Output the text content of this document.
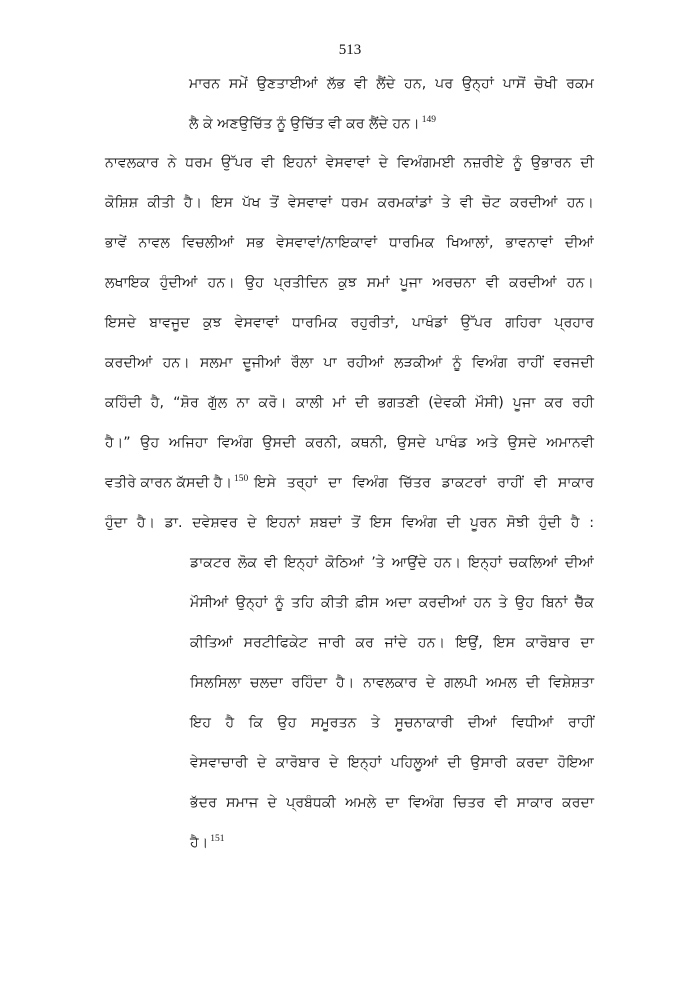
513
ਮਾਰਨ ਸਮੇਂ ਉਣਤਾਈਆਂ ਲੱਭ ਵੀ ਲੈਂਦੇ ਹਨ, ਪਰ ਉਨ੍ਹਾਂ ਪਾਸੋਂ ਚੋਖੀ ਰਕਮ
ਲੈ ਕੇ ਅਣਉਚਿੱਤ ਨੂੰ ਉਚਿੱਤ ਵੀ ਕਰ ਲੈਂਦੇ ਹਨ। $^{149}$
ਨਾਵਲਕਾਰ ਨੇ ਧਰਮ ਉੱਪਰ ਵੀ ਇਹਨਾਂ ਵੇਸਵਾਵਾਂ ਦੇ ਵਿਅੰਗਮਈ ਨਜ਼ਰੀਏ ਨੂੰ ਉਭਾਰਨ ਦੀ
ਕੋਸ਼ਿਸ਼ ਕੀਤੀ ਹੈ। ਇਸ ਪੱਖ ਤੋਂ ਵੇਸਵਾਵਾਂ ਧਰਮ ਕਰਮਕਾਂਡਾਂ ਤੇ ਵੀ ਚੋਟ ਕਰਦੀਆਂ ਹਨ।
ਭਾਵੇਂ ਨਾਵਲ ਵਿਚਲੀਆਂ ਸਭ ਵੇਸਵਾਵਾਂ/ਨਾਇਕਾਵਾਂ ਧਾਰਮਿਕ ਖਿਆਲਾਂ, ਭਾਵਨਾਵਾਂ ਦੀਆਂ
ਲਖਾਇਕ ਹੁੰਦੀਆਂ ਹਨ। ਉਹ ਪ੍ਰਤੀਦਿਨ ਕੁਝ ਸਮਾਂ ਪੂਜਾ ਅਰਚਨਾ ਵੀ ਕਰਦੀਆਂ ਹਨ।
ਇਸਦੇ ਬਾਵਜੂਦ ਕੁਝ ਵੇਸਵਾਵਾਂ ਧਾਰਮਿਕ ਰਹੁਰੀਤਾਂ, ਪਾਖੰਡਾਂ ਉੱਪਰ ਗਹਿਰਾ ਪ੍ਰਹਾਰ
ਕਰਦੀਆਂ ਹਨ। ਸਲਮਾ ਦੂਜੀਆਂ ਰੌਲਾ ਪਾ ਰਹੀਆਂ ਲੜਕੀਆਂ ਨੂੰ ਵਿਅੰਗ ਰਾਹੀਂ ਵਰਜਦੀ
ਕਹਿੰਦੀ ਹੈ, “ਸ਼ੋਰ ਗੁੱਲ ਨਾ ਕਰੋ। ਕਾਲੀ ਮਾਂ ਦੀ ਭਗਤਣੀ (ਦੇਵਕੀ ਮੌਸੀ) ਪੂਜਾ ਕਰ ਰਹੀ
ਹੈ।” ਉਹ ਅਜਿਹਾ ਵਿਅੰਗ ਉਸਦੀ ਕਰਨੀ, ਕਥਨੀ, ਉਸਦੇ ਪਾਖੰਡ ਅਤੇ ਉਸਦੇ ਅਮਾਨਵੀ
ਵਤੀਰੇ ਕਾਰਨ ਕੱਸਦੀ ਹੈ। $^{150}$ ਇਸੇ ਤਰ੍ਹਾਂ ਦਾ ਵਿਅੰਗ ਚਿੱਤਰ ਡਾਕਟਰਾਂ ਰਾਹੀਂ ਵੀ ਸਾਕਾਰ
ਹੁੰਦਾ ਹੈ। ਡਾ. ਦਵੇਸ਼ਵਰ ਦੇ ਇਹਨਾਂ ਸ਼ਬਦਾਂ ਤੋਂ ਇਸ ਵਿਅੰਗ ਦੀ ਪੂਰਨ ਸੋਝੀ ਹੁੰਦੀ ਹੈ :
ਡਾਕਟਰ ਲੋਕ ਵੀ ਇਨ੍ਹਾਂ ਕੋਠਿਆਂ ’ਤੇ ਆਉਂਦੇ ਹਨ। ਇਨ੍ਹਾਂ ਚਕਲਿਆਂ ਦੀਆਂ
ਮੌਸੀਆਂ ਉਨ੍ਹਾਂ ਨੂੰ ਤਹਿ ਕੀਤੀ ਫ਼ੀਸ ਅਦਾ ਕਰਦੀਆਂ ਹਨ ਤੇ ਉਹ ਬਿਨਾਂ ਚੈੱਕ
ਕੀਤਿਆਂ ਸਰਟੀਫਿਕੇਟ ਜਾਰੀ ਕਰ ਜਾਂਦੇ ਹਨ। ਇਉਂ, ਇਸ ਕਾਰੋਬਾਰ ਦਾ
ਸਿਲਸਿਲਾ ਚਲਦਾ ਰਹਿੰਦਾ ਹੈ। ਨਾਵਲਕਾਰ ਦੇ ਗਲਪੀ ਅਮਲ ਦੀ ਵਿਸ਼ੇਸ਼ਤਾ
ਇਹ ਹੈ ਕਿ ਉਹ ਸਮੂਰਤਨ ਤੇ ਸੂਚਨਾਕਾਰੀ ਦੀਆਂ ਵਿਧੀਆਂ ਰਾਹੀਂ
ਵੇਸਵਾਚਾਰੀ ਦੇ ਕਾਰੋਬਾਰ ਦੇ ਇਨ੍ਹਾਂ ਪਹਿਲੂਆਂ ਦੀ ਉਸਾਰੀ ਕਰਦਾ ਹੋਇਆ
ਭੱਦਰ ਸਮਾਜ ਦੇ ਪ੍ਰਬੰਧਕੀ ਅਮਲੇ ਦਾ ਵਿਅੰਗ ਚਿਤਰ ਵੀ ਸਾਕਾਰ ਕਰਦਾ
ਹੈ। $^{151}$
